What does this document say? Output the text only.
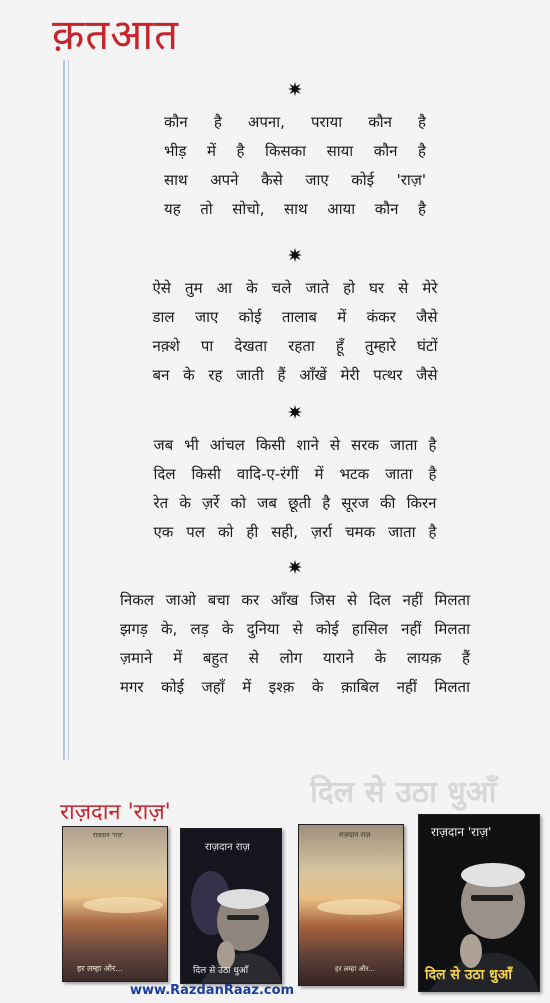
क़तआत
कौन है अपना, पराया कौन है
भीड़ में है किसका साया कौन है
साथ अपने कैसे जाए कोई 'राज़'
यह तो सोचो, साथ आया कौन है
ऐसे तुम आ के चले जाते हो घर से मेरे
डाल जाए कोई तालाब में कंकर जैसे
नक़्शे पा देखता रहता हूँ तुम्हारे घंटों
बन के रह जाती हैं आँखें मेरी पत्थर जैसे
जब भी आंचल किसी शाने से सरक जाता है
दिल किसी वादि-ए-रंगीं में भटक जाता है
रेत के ज़र्रे को जब छूती है सूरज की किरन
एक पल को ही सही, ज़र्रा चमक जाता है
निकल जाओ बचा कर आँख जिस से दिल नहीं मिलता
झगड़ के, लड़ के दुनिया से कोई हासिल नहीं मिलता
ज़माने में बहुत से लोग याराने के लायक़ हैं
मगर कोई जहाँ में इश्क़ के क़ाबिल नहीं मिलता
दिल से उठा धुआँ
राज़दान 'राज़'
राज़दान 'राज़'
हर लम्हा और...
राज़दान राज़
दिल से उठा धुआँ
राज़दान राज़
हर लम्हा और...
राज़दान 'राज़'
दिल से उठा धुआँ
www.RazdanRaaz.com
